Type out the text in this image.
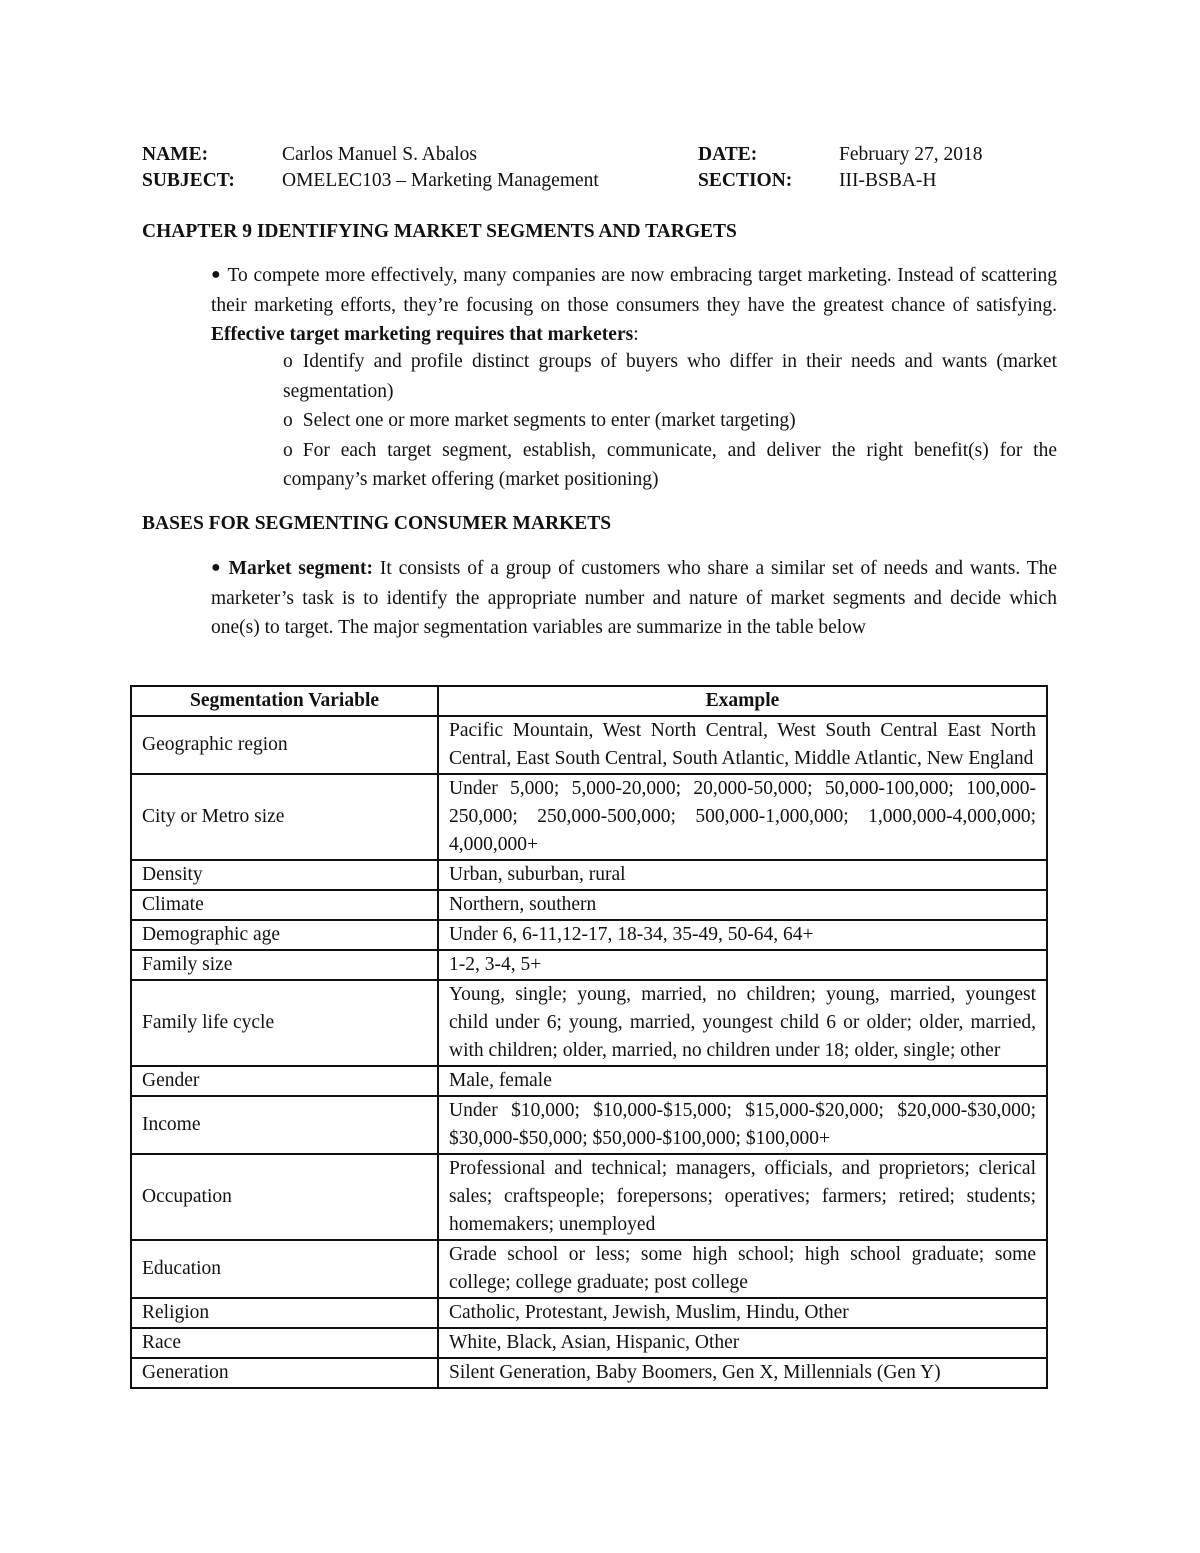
NAME:	Carlos Manuel S. Abalos	DATE:	February 27, 2018
SUBJECT: OMELEC103 – Marketing Management	SECTION: III-BSBA-H
CHAPTER 9 IDENTIFYING MARKET SEGMENTS AND TARGETS
● To compete more effectively, many companies are now embracing target marketing. Instead of scattering their marketing efforts, they’re focusing on those consumers they have the greatest chance of satisfying. Effective target marketing requires that marketers:

o Identify and profile distinct groups of buyers who differ in their needs and wants (market segmentation)

o Select one or more market segments to enter (market targeting)

o For each target segment, establish, communicate, and deliver the right benefit(s) for the company’s market offering (market positioning)

BASES FOR SEGMENTING CONSUMER MARKETS
● Market segment: It consists of a group of customers who share a similar set of needs and wants. The marketer’s task is to identify the appropriate number and nature of market segments and decide which one(s) to target. The major segmentation variables are summarize in the table below
Segmentation Variable	Example
Geographic region	Pacific Mountain, West North Central, West South Central East North Central, East South Central, South Atlantic, Middle Atlantic, New England
City or Metro size	Under 5,000; 5,000-20,000; 20,000-50,000; 50,000-100,000; 100,000-250,000; 250,000-500,000; 500,000-1,000,000; 1,000,000-4,000,000; 4,000,000+
Density	Urban, suburban, rural
Climate	Northern, southern
Demographic age	Under 6, 6-11,12-17, 18-34, 35-49, 50-64, 64+
Family size	1-2, 3-4, 5+
Family life cycle	Young, single; young, married, no children; young, married, youngest child under 6; young, married, youngest child 6 or older; older, married, with children; older, married, no children under 18; older, single; other
Gender	Male, female
Income	Under $10,000; $10,000-$15,000; $15,000-$20,000; $20,000-$30,000; $30,000-$50,000; $50,000-$100,000; $100,000+
Occupation	Professional and technical; managers, officials, and proprietors; clerical sales; craftspeople; forepersons; operatives; farmers; retired; students; homemakers; unemployed
Education	Grade school or less; some high school; high school graduate; some college; college graduate; post college
Religion	Catholic, Protestant, Jewish, Muslim, Hindu, Other
Race	White, Black, Asian, Hispanic, Other
Generation	Silent Generation, Baby Boomers, Gen X, Millennials (Gen Y)
